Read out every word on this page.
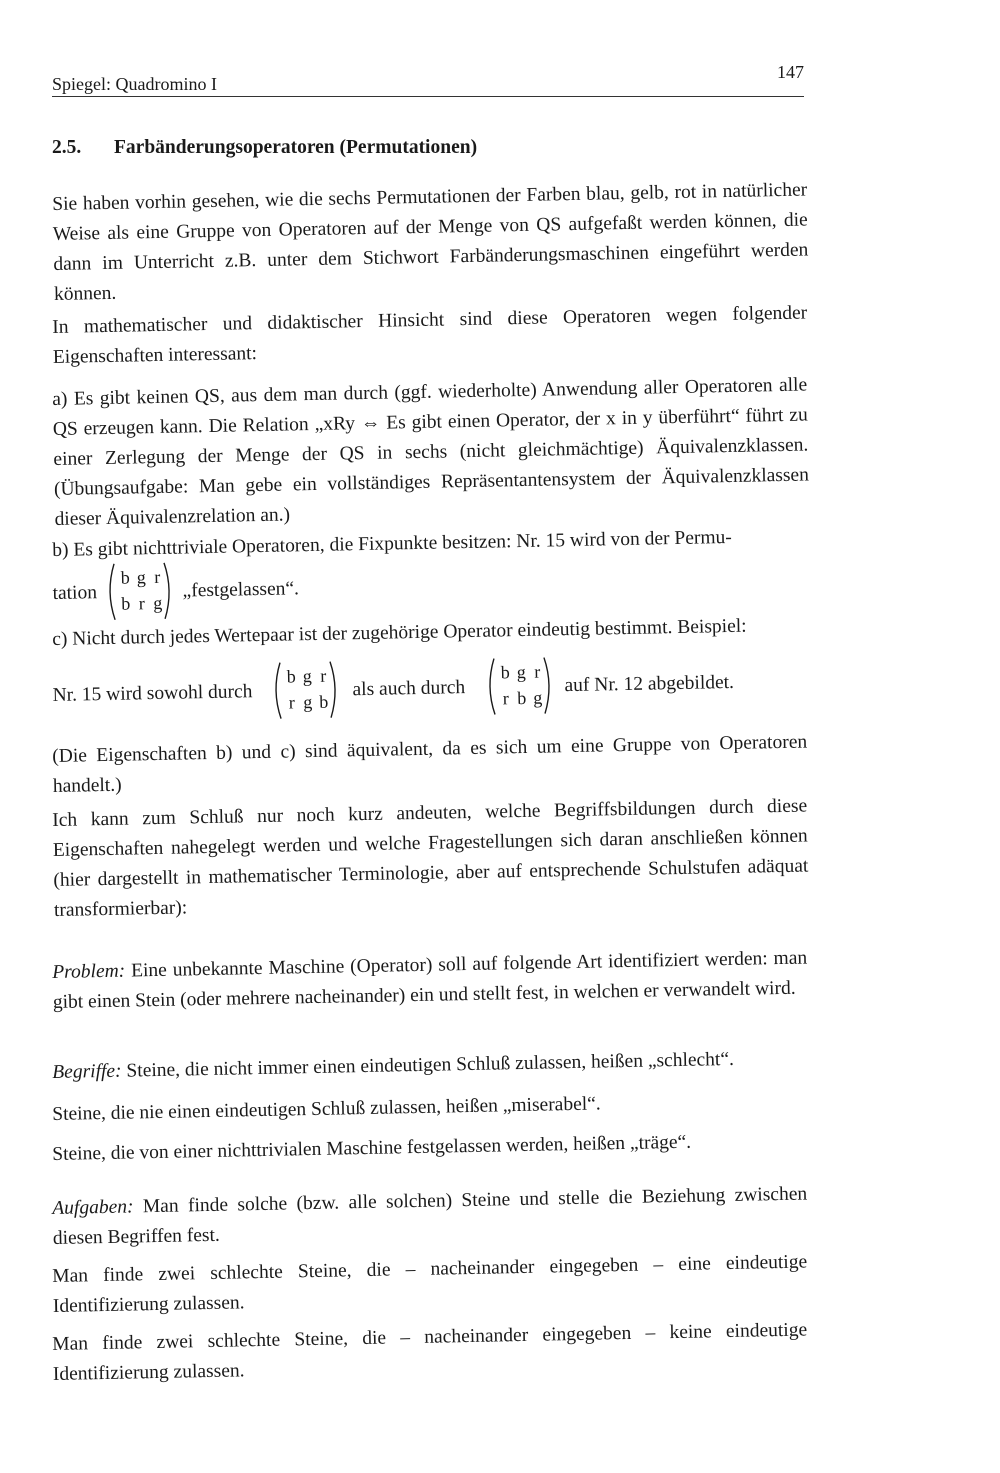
Spiegel: Quadromino I
147
2.5. Farbänderungsoperatoren (Permutationen)

Sie haben vorhin gesehen, wie die sechs Permutationen der Farben blau, gelb, rot in natürlicher Weise als eine Gruppe von Operatoren auf der Menge von QS aufgefaßt werden können, die dann im Unterricht z.B. unter dem Stichwort Farbänderungsmaschinen eingeführt werden können.

In mathematischer und didaktischer Hinsicht sind diese Operatoren wegen folgender Eigenschaften interessant:

a) Es gibt keinen QS, aus dem man durch (ggf. wiederholte) Anwendung aller Operatoren alle QS erzeugen kann. Die Relation „xRy ⇔ Es gibt einen Operator, der x in y überführt“ führt zu einer Zerlegung der Menge der QS in sechs (nicht gleichmächtige) Äquivalenzklassen. (Übungsaufgabe: Man gebe ein vollständiges Repräsentantensystem der Äquivalenzklassen dieser Äquivalenzrelation an.)

b) Es gibt nichttriviale Operatoren, die Fixpunkte besitzen: Nr. 15 wird von der Permu-

tation
b g r
b r g
„festgelassen“.

c) Nicht durch jedes Wertepaar ist der zugehörige Operator eindeutig bestimmt. Beispiel:

Nr. 15 wird sowohl durch
b g r
r g b
als auch durch
b g r
r b g
auf Nr. 12 abgebildet.

(Die Eigenschaften b) und c) sind äquivalent, da es sich um eine Gruppe von Operatoren handelt.)

Ich kann zum Schluß nur noch kurz andeuten, welche Begriffsbildungen durch diese Eigenschaften nahegelegt werden und welche Fragestellungen sich daran anschließen können (hier dargestellt in mathematischer Terminologie, aber auf entsprechende Schulstufen adäquat transformierbar):

Problem: Eine unbekannte Maschine (Operator) soll auf folgende Art identifiziert werden: man gibt einen Stein (oder mehrere nacheinander) ein und stellt fest, in welchen er verwandelt wird.

Begriffe: Steine, die nicht immer einen eindeutigen Schluß zulassen, heißen „schlecht“.

Steine, die nie einen eindeutigen Schluß zulassen, heißen „miserabel“.

Steine, die von einer nichttrivialen Maschine festgelassen werden, heißen „träge“.

Aufgaben: Man finde solche (bzw. alle solchen) Steine und stelle die Beziehung zwischen diesen Begriffen fest.

Man finde zwei schlechte Steine, die – nacheinander eingegeben – eine eindeutige Identifizierung zulassen.

Man finde zwei schlechte Steine, die – nacheinander eingegeben – keine eindeutige Identifizierung zulassen.
